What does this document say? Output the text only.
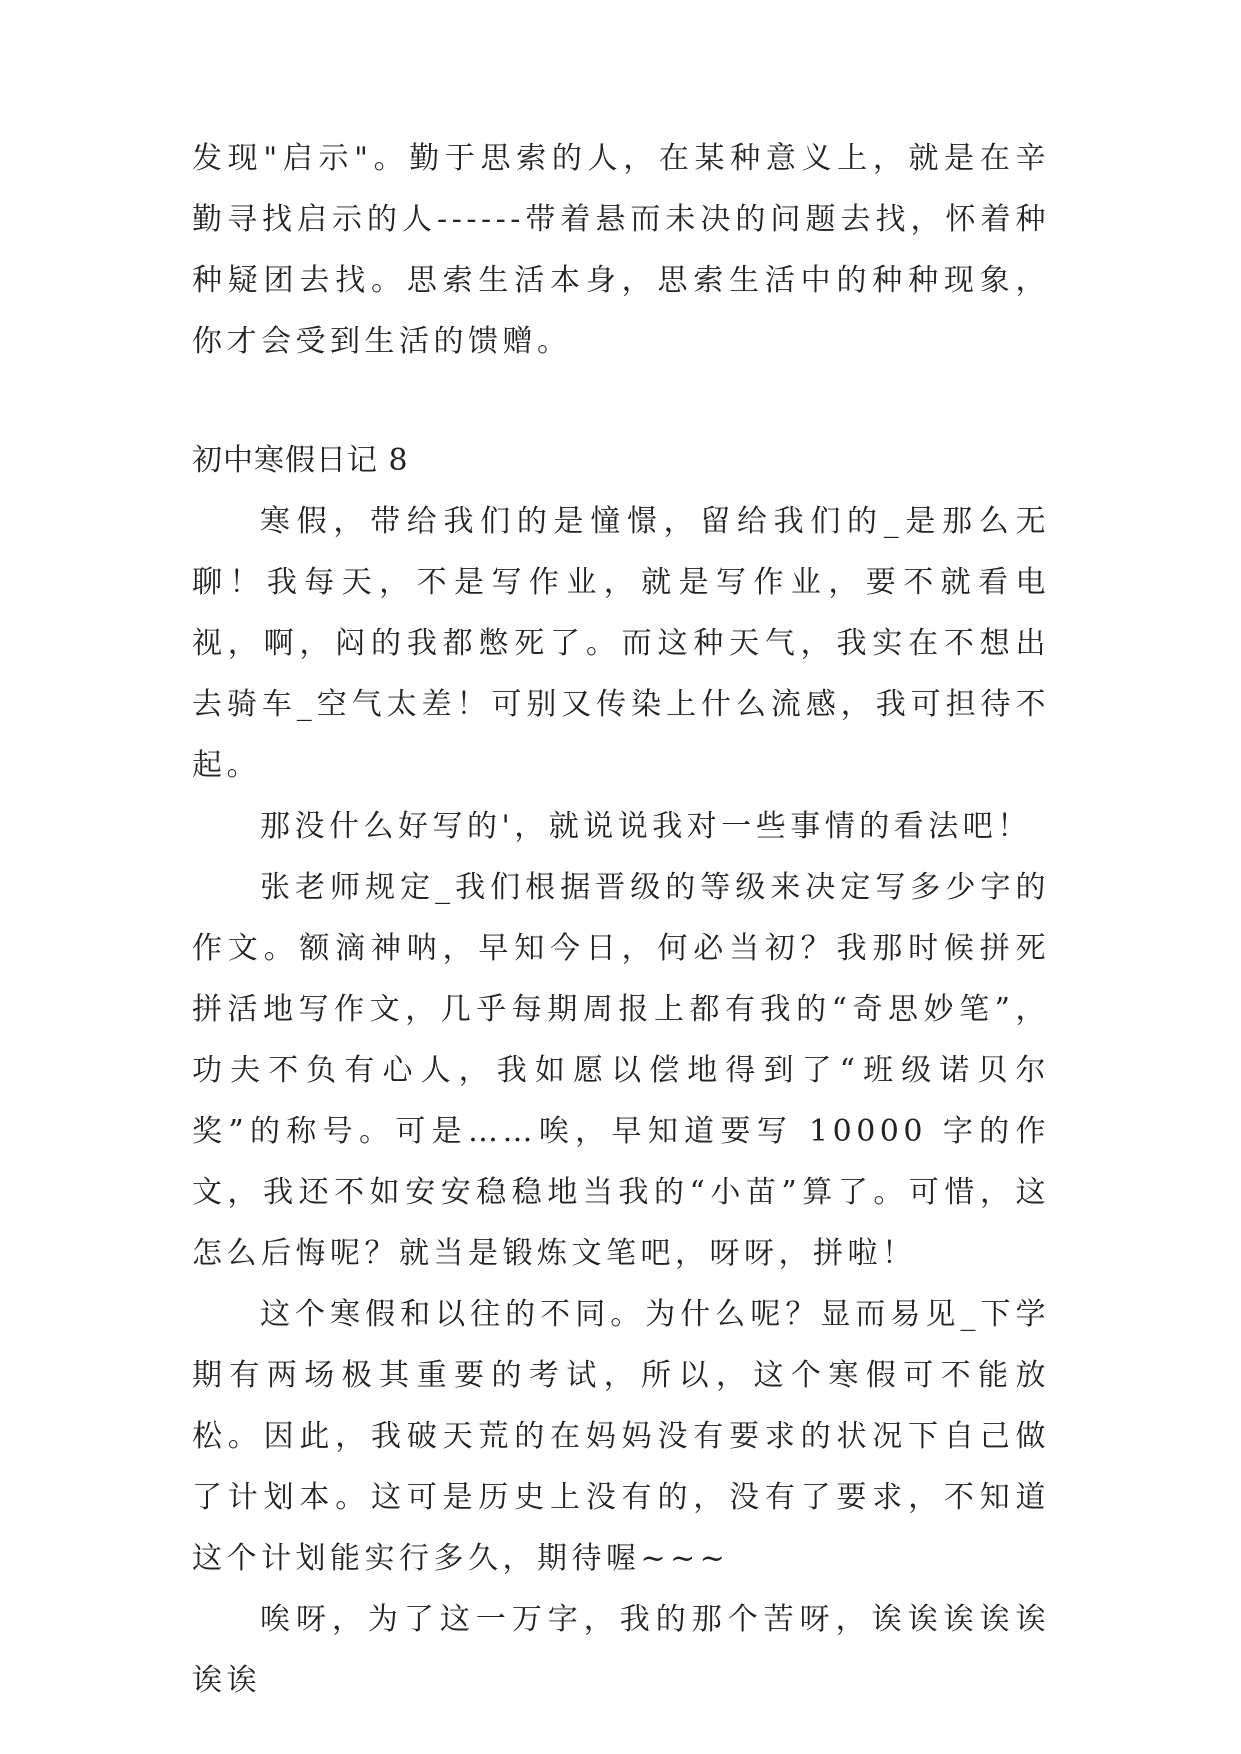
发现"启示"。勤于思索的人，在某种意义上，就是在辛勤寻找启示的人------带着悬而未决的问题去找，怀着种种疑团去找。思索生活本身，思索生活中的种种现象，你才会受到生活的馈赠。

初中寒假日记 8

寒假，带给我们的是憧憬，留给我们的_是那么无聊！我每天，不是写作业，就是写作业，要不就看电视，啊，闷的我都憋死了。而这种天气，我实在不想出去骑车_空气太差！可别又传染上什么流感，我可担待不起。

那没什么好写的'，就说说我对一些事情的看法吧！

张老师规定_我们根据晋级的等级来决定写多少字的作文。额滴神呐，早知今日，何必当初？我那时候拼死拼活地写作文，几乎每期周报上都有我的“奇思妙笔”，功夫不负有心人，我如愿以偿地得到了“班级诺贝尔奖”的称号。可是……唉，早知道要写 10000 字的作文，我还不如安安稳稳地当我的“小苗”算了。可惜，这怎么后悔呢？就当是锻炼文笔吧，呀呀，拼啦！

这个寒假和以往的不同。为什么呢？显而易见_下学期有两场极其重要的考试，所以，这个寒假可不能放松。因此，我破天荒的在妈妈没有要求的状况下自己做了计划本。这可是历史上没有的，没有了要求，不知道这个计划能实行多久，期待喔~~~

唉呀，为了这一万字，我的那个苦呀，诶诶诶诶诶诶诶
